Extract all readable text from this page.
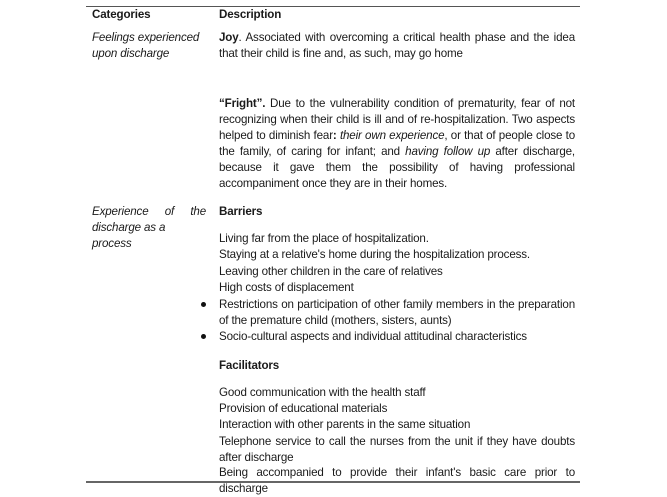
Categories	Description
Feelings experienced
upon discharge
Joy. Associated with overcoming a critical health phase and the idea that their child is fine and, as such, may go home
“Fright”. Due to the vulnerability condition of prematurity, fear of not recognizing when their child is ill and of re-hospitalization. Two aspects helped to diminish fear: their own experience, or that of people close to the family, of caring for infant; and having follow up after discharge, because it gave them the possibility of having professional accompaniment once they are in their homes.
Experience of the
discharge as a process
Barriers
Living far from the place of hospitalization.
Staying at a relative's home during the hospitalization process.
Leaving other children in the care of relatives
High costs of displacement
Restrictions on participation of other family members in the preparation of the premature child (mothers, sisters, aunts)
Socio-cultural aspects and individual attitudinal characteristics
Facilitators
Good communication with the health staff
Provision of educational materials
Interaction with other parents in the same situation
Telephone service to call the nurses from the unit if they have doubts after discharge
Being accompanied to provide their infant's basic care prior to discharge
